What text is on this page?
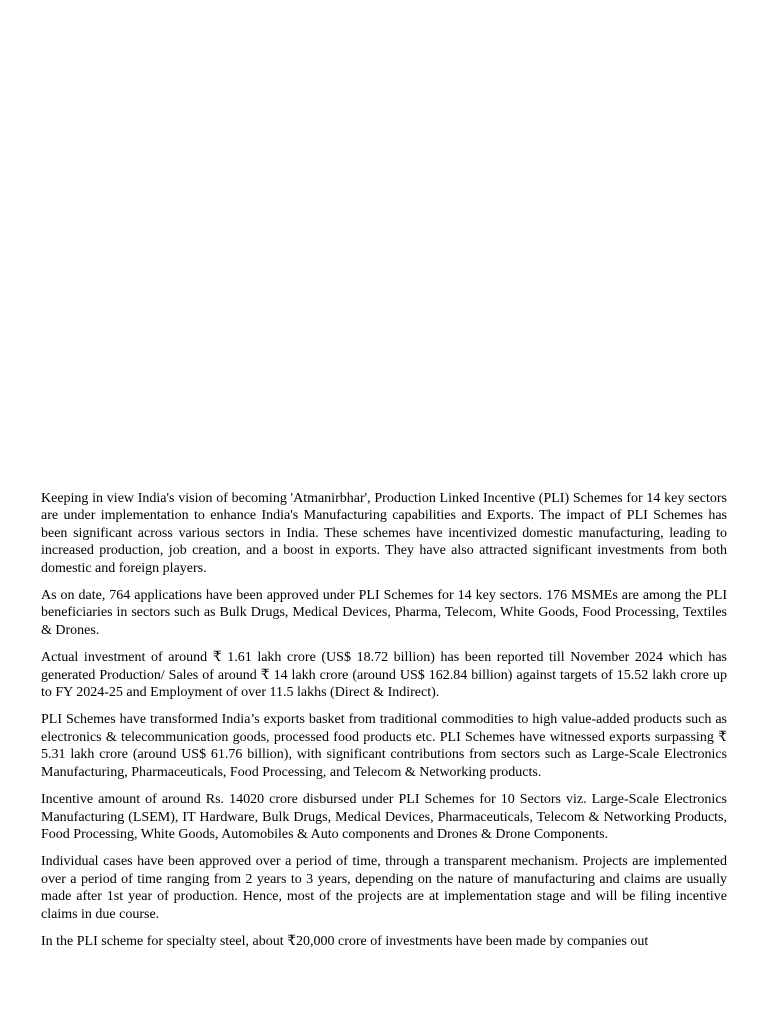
Keeping in view India's vision of becoming 'Atmanirbhar', Production Linked Incentive (PLI) Schemes for 14 key sectors are under implementation to enhance India's Manufacturing capabilities and Exports. The impact of PLI Schemes has been significant across various sectors in India. These schemes have incentivized domestic manufacturing, leading to increased production, job creation, and a boost in exports. They have also attracted significant investments from both domestic and foreign players.

As on date, 764 applications have been approved under PLI Schemes for 14 key sectors. 176 MSMEs are among the PLI beneficiaries in sectors such as Bulk Drugs, Medical Devices, Pharma, Telecom, White Goods, Food Processing, Textiles & Drones.

Actual investment of around ₹ 1.61 lakh crore (US$ 18.72 billion) has been reported till November 2024 which has generated Production/ Sales of around ₹ 14 lakh crore (around US$ 162.84 billion) against targets of 15.52 lakh crore up to FY 2024-25 and Employment of over 11.5 lakhs (Direct & Indirect).

PLI Schemes have transformed India’s exports basket from traditional commodities to high value-added products such as electronics & telecommunication goods, processed food products etc. PLI Schemes have witnessed exports surpassing ₹ 5.31 lakh crore (around US$ 61.76 billion), with significant contributions from sectors such as Large-Scale Electronics Manufacturing, Pharmaceuticals, Food Processing, and Telecom & Networking products.

Incentive amount of around Rs. 14020 crore disbursed under PLI Schemes for 10 Sectors viz. Large-Scale Electronics Manufacturing (LSEM), IT Hardware, Bulk Drugs, Medical Devices, Pharmaceuticals, Telecom & Networking Products, Food Processing, White Goods, Automobiles & Auto components and Drones & Drone Components.

Individual cases have been approved over a period of time, through a transparent mechanism. Projects are implemented over a period of time ranging from 2 years to 3 years, depending on the nature of manufacturing and claims are usually made after 1st year of production. Hence, most of the projects are at implementation stage and will be filing incentive claims in due course.

In the PLI scheme for specialty steel, about ₹20,000 crore of investments have been made by companies out
